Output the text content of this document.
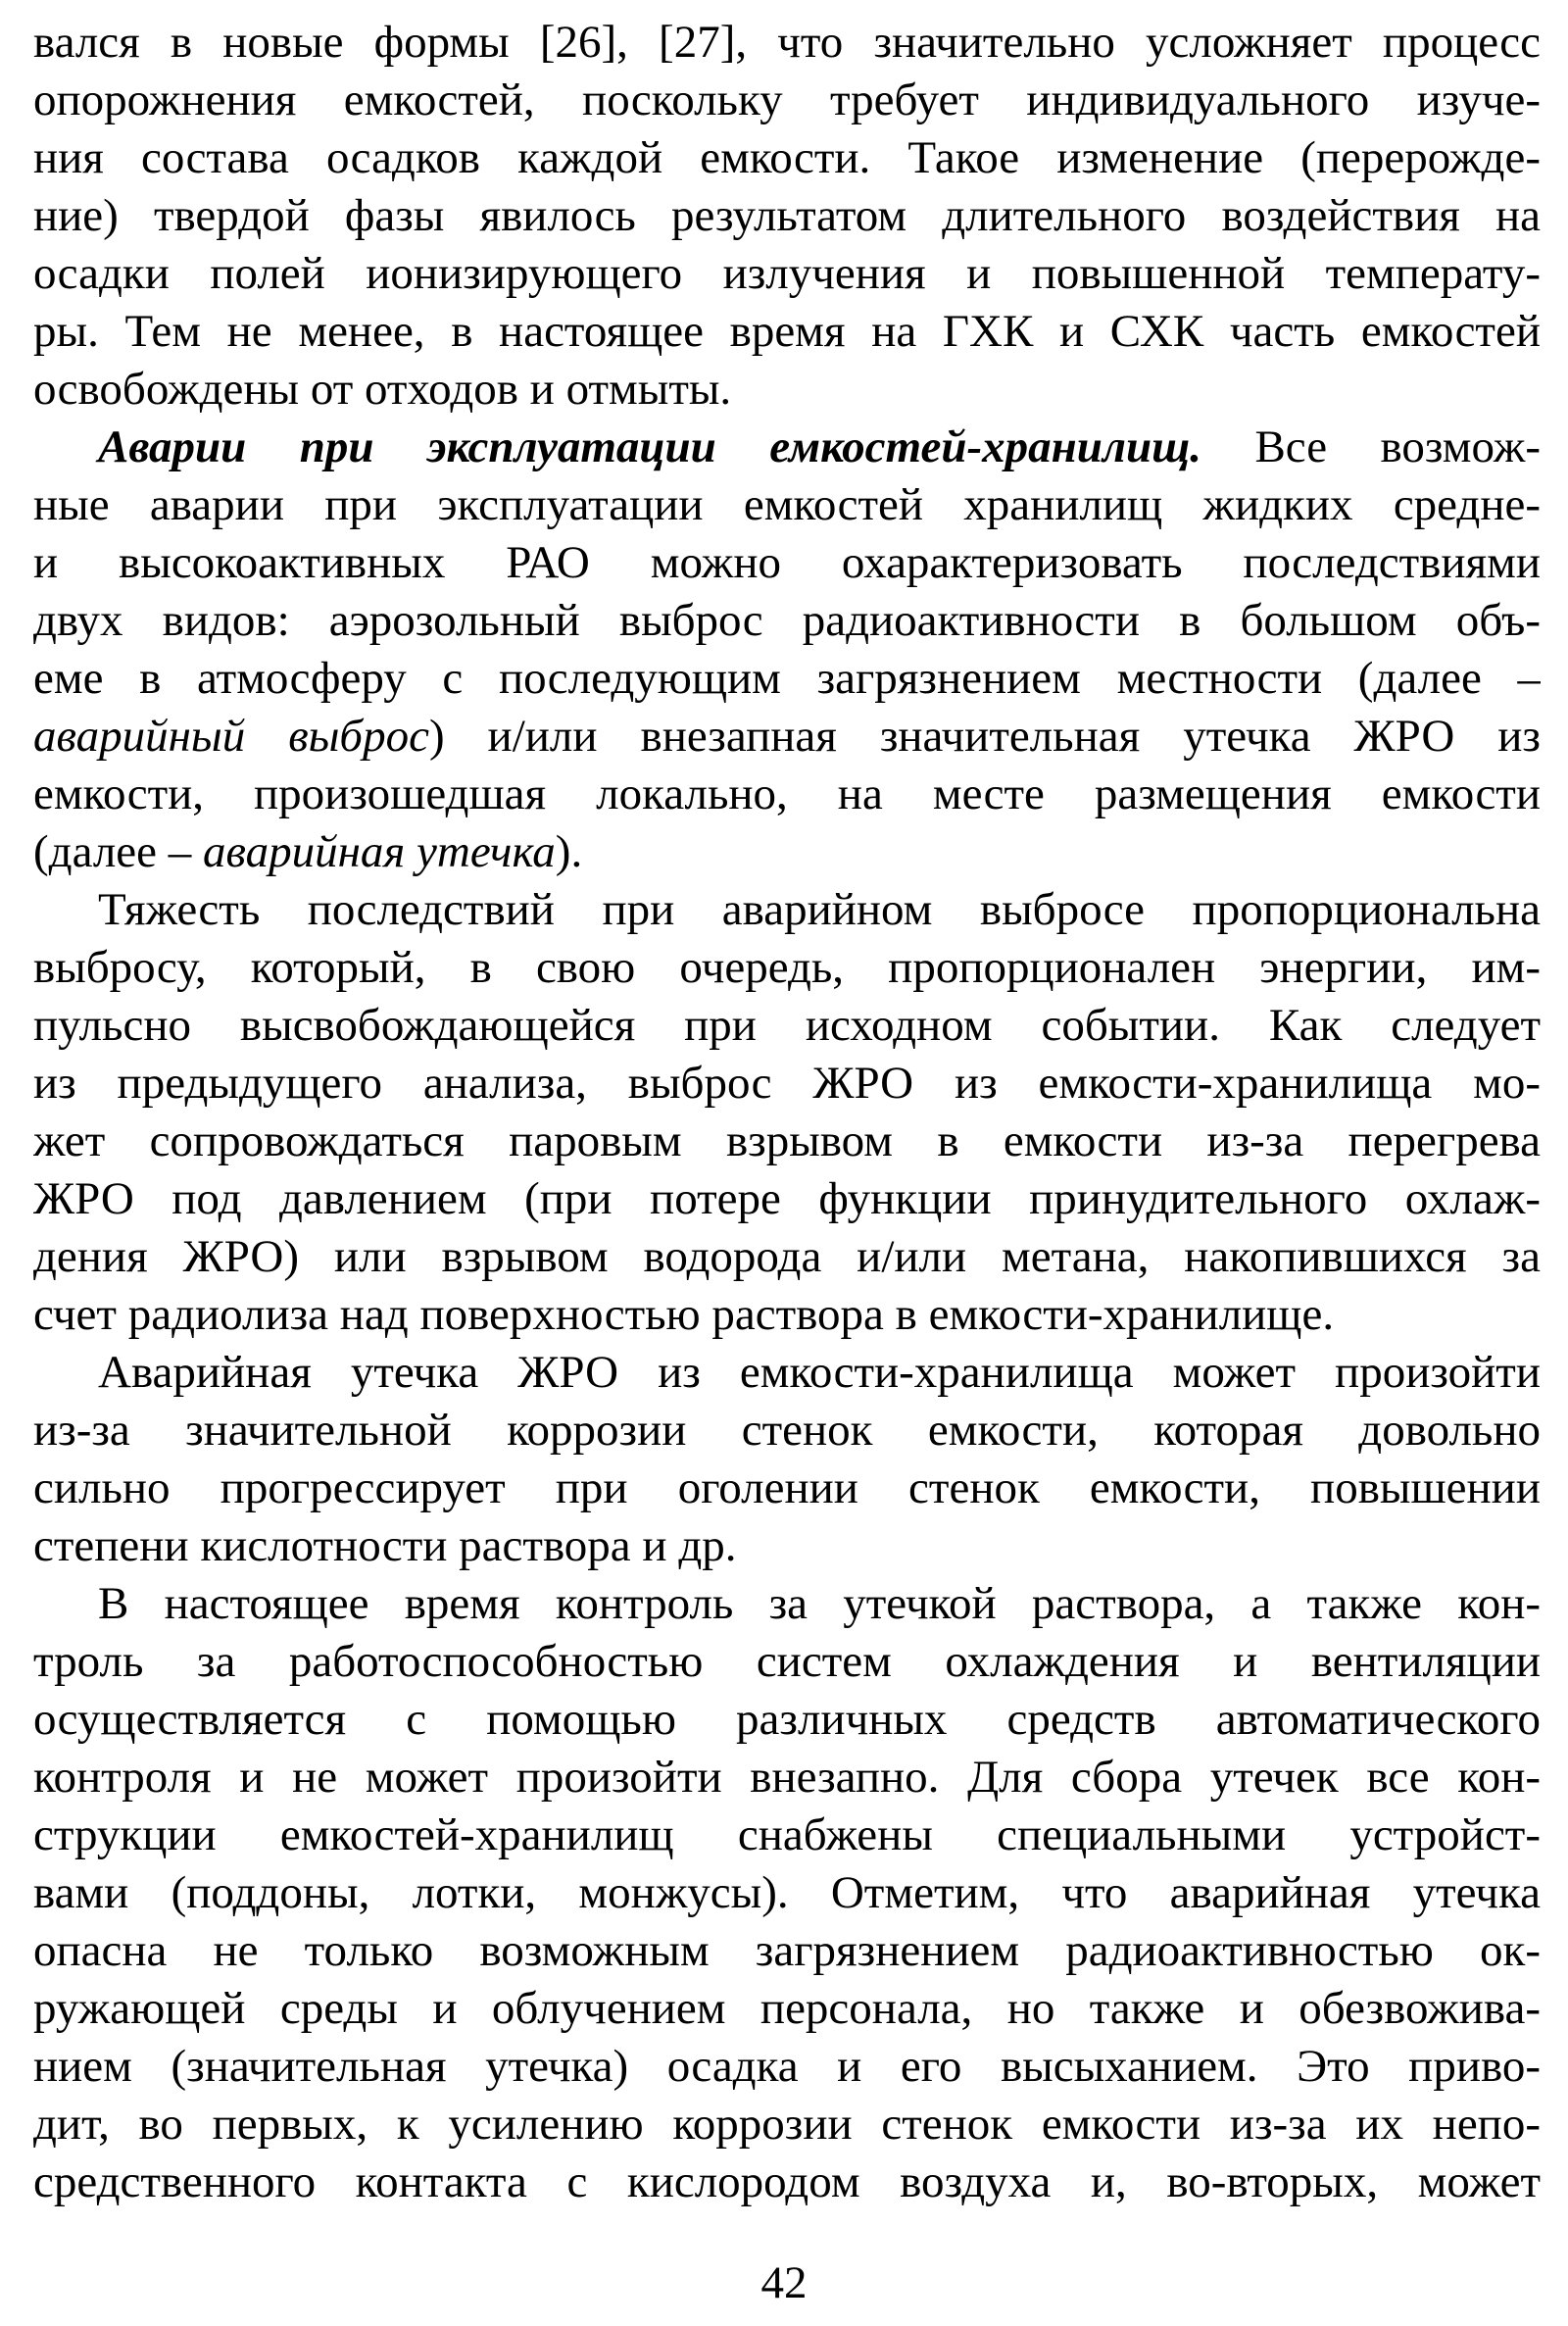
вался в новые формы [26], [27], что значительно усложняет процесс
опорожнения емкостей, поскольку требует индивидуального изуче-
ния состава осадков каждой емкости. Такое изменение (перерожде-
ние) твердой фазы явилось результатом длительного воздействия на
осадки полей ионизирующего излучения и повышенной температу-
ры. Тем не менее, в настоящее время на ГХК и СХК часть емкостей
освобождены от отходов и отмыты.
Аварии при эксплуатации емкостей-хранилищ. Все возмож-
ные аварии при эксплуатации емкостей хранилищ жидких средне-
и высокоактивных РАО можно охарактеризовать последствиями
двух видов: аэрозольный выброс радиоактивности в большом объ-
еме в атмосферу с последующим загрязнением местности (далее –
аварийный выброс) и/или внезапная значительная утечка ЖРО из
емкости, произошедшая локально, на месте размещения емкости
(далее – аварийная утечка).
Тяжесть последствий при аварийном выбросе пропорциональна
выбросу, который, в свою очередь, пропорционален энергии, им-
пульсно высвобождающейся при исходном событии. Как следует
из предыдущего анализа, выброс ЖРО из емкости-хранилища мо-
жет сопровождаться паровым взрывом в емкости из-за перегрева
ЖРО под давлением (при потере функции принудительного охлаж-
дения ЖРО) или взрывом водорода и/или метана, накопившихся за
счет радиолиза над поверхностью раствора в емкости-хранилище.
Аварийная утечка ЖРО из емкости-хранилища может произойти
из-за значительной коррозии стенок емкости, которая довольно
сильно прогрессирует при оголении стенок емкости, повышении
степени кислотности раствора и др.
В настоящее время контроль за утечкой раствора, а также кон-
троль за работоспособностью систем охлаждения и вентиляции
осуществляется с помощью различных средств автоматического
контроля и не может произойти внезапно. Для сбора утечек все кон-
струкции емкостей-хранилищ снабжены специальными устройст-
вами (поддоны, лотки, монжусы). Отметим, что аварийная утечка
опасна не только возможным загрязнением радиоактивностью ок-
ружающей среды и облучением персонала, но также и обезвожива-
нием (значительная утечка) осадка и его высыханием. Это приво-
дит, во первых, к усилению коррозии стенок емкости из-за их непо-
средственного контакта с кислородом воздуха и, во-вторых, может
42
